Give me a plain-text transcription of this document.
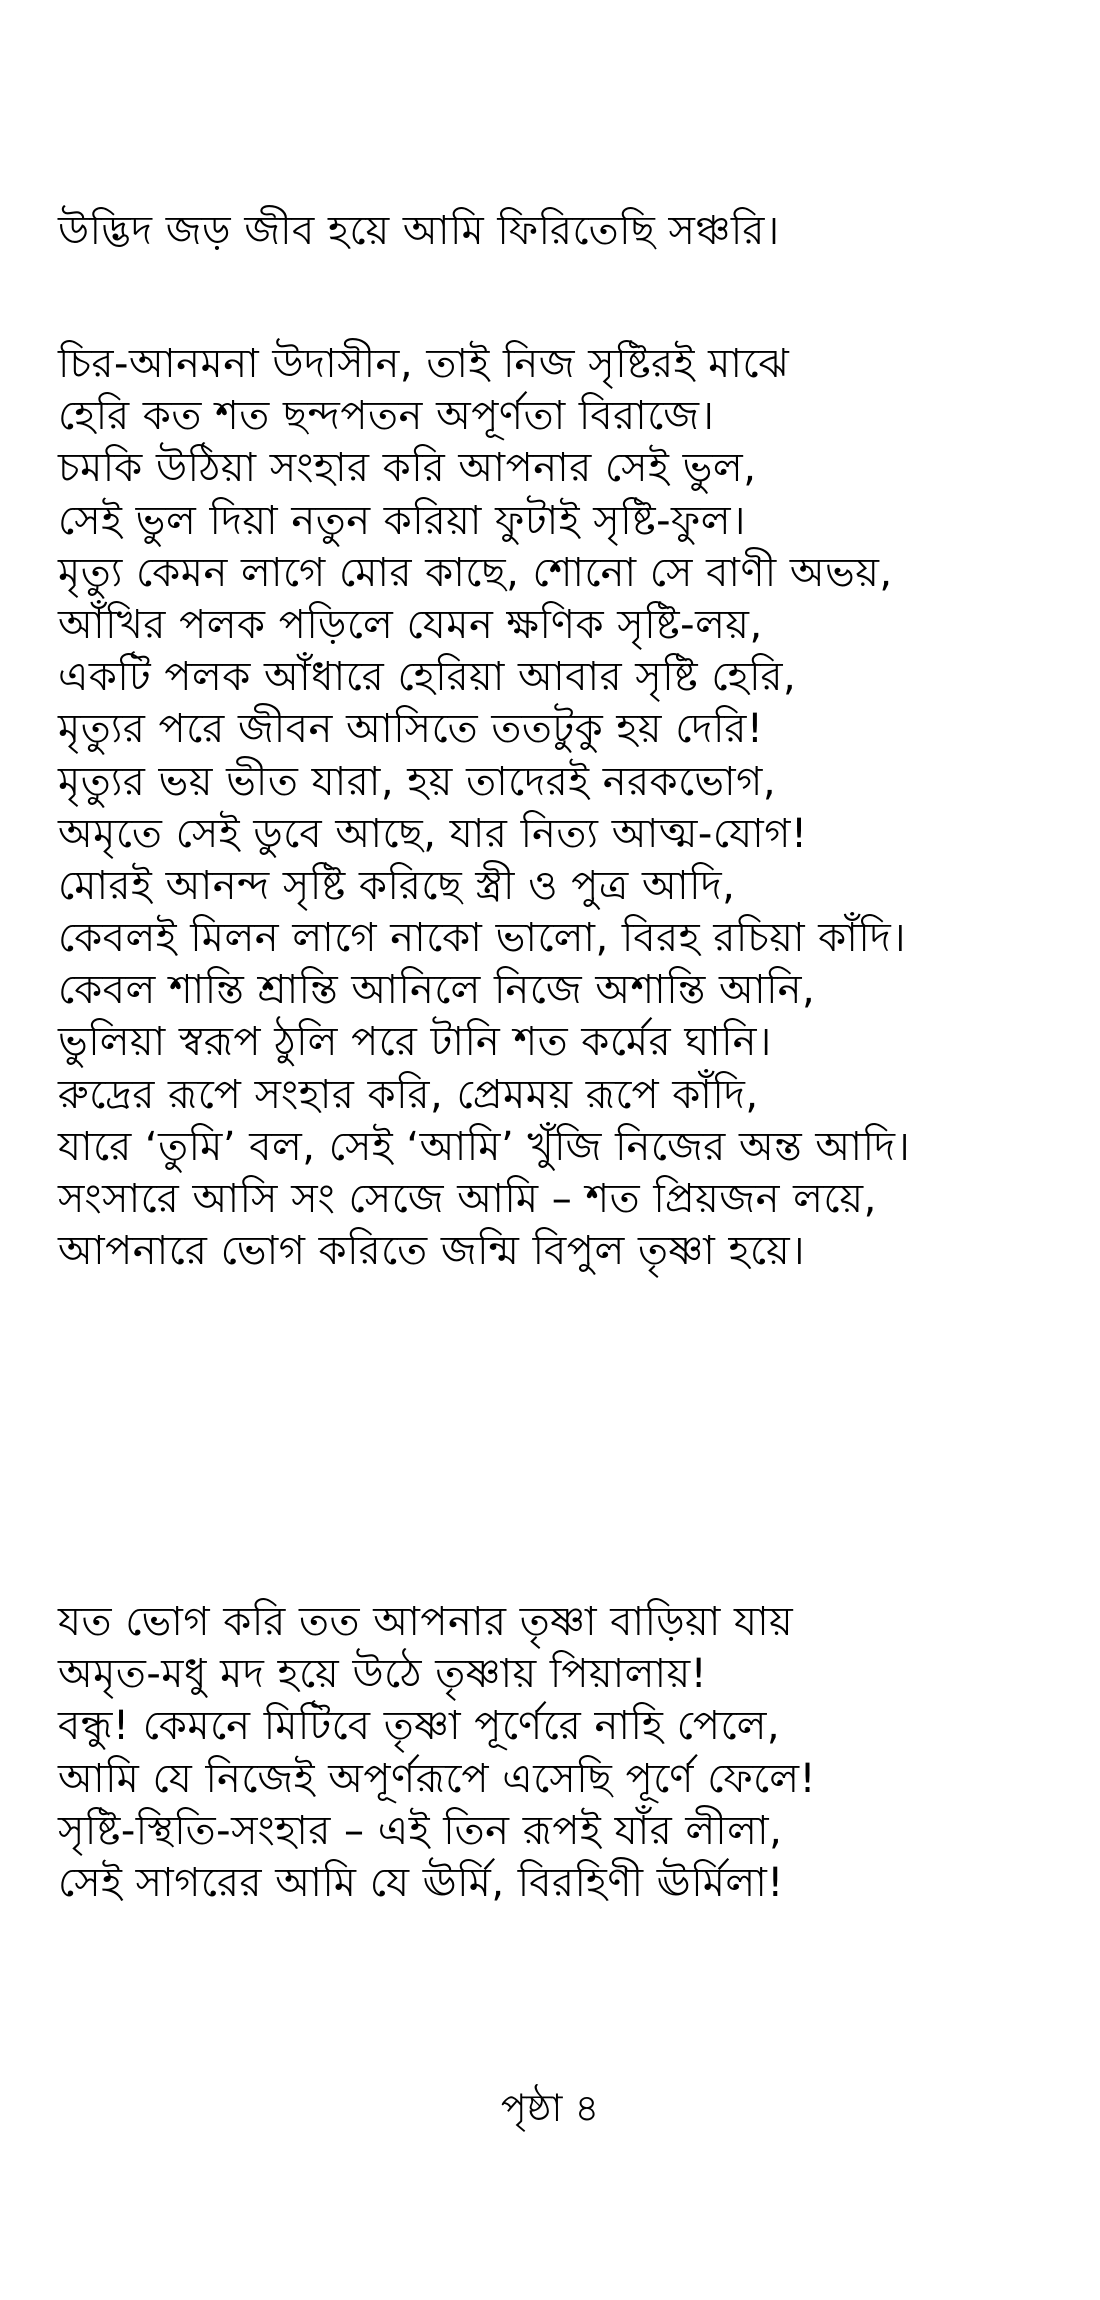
উদ্ভিদ জড় জীব হয়ে আমি ফিরিতেছি সঞ্চরি।
চির-আনমনা উদাসীন, তাই নিজ সৃষ্টিরই মাঝে
হেরি কত শত ছন্দপতন অপূর্ণতা বিরাজে।
চমকি উঠিয়া সংহার করি আপনার সেই ভুল,
সেই ভুল দিয়া নতুন করিয়া ফুটাই সৃষ্টি-ফুল।
মৃত্যু কেমন লাগে মোর কাছে, শোনো সে বাণী অভয়,
আঁখির পলক পড়িলে যেমন ক্ষণিক সৃষ্টি-লয়,
একটি পলক আঁধারে হেরিয়া আবার সৃষ্টি হেরি,
মৃত্যুর পরে জীবন আসিতে ততটুকু হয় দেরি!
মৃত্যুর ভয় ভীত যারা, হয় তাদেরই নরকভোগ,
অমৃতে সেই ডুবে আছে, যার নিত্য আত্ম-যোগ!
মোরই আনন্দ সৃষ্টি করিছে স্ত্রী ও পুত্র আদি,
কেবলই মিলন লাগে নাকো ভালো, বিরহ রচিয়া কাঁদি।
কেবল শান্তি শ্রান্তি আনিলে নিজে অশান্তি আনি,
ভুলিয়া স্বরূপ ঠুলি পরে টানি শত কর্মের ঘানি।
রুদ্রের রূপে সংহার করি, প্রেমময় রূপে কাঁদি,
যারে ‘তুমি’ বল, সেই ‘আমি’ খুঁজি নিজের অন্ত আদি।
সংসারে আসি সং সেজে আমি – শত প্রিয়জন লয়ে,
আপনারে ভোগ করিতে জন্মি বিপুল তৃষ্ণা হয়ে।
যত ভোগ করি তত আপনার তৃষ্ণা বাড়িয়া যায়
অমৃত-মধু মদ হয়ে উঠে তৃষ্ণায় পিয়ালায়!
বন্ধু! কেমনে মিটিবে তৃষ্ণা পূর্ণেরে নাহি পেলে,
আমি যে নিজেই অপূর্ণরূপে এসেছি পূর্ণে ফেলে!
সৃষ্টি-স্থিতি-সংহার – এই তিন রূপই যাঁর লীলা,
সেই সাগরের আমি যে ঊর্মি, বিরহিণী ঊর্মিলা!
পৃষ্ঠা ৪
